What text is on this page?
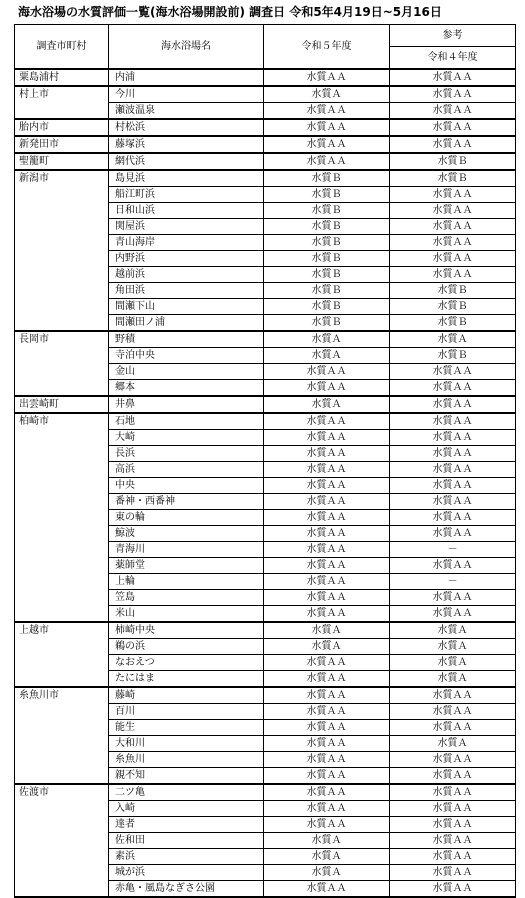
海水浴場の水質評価一覧(海水浴場開設前) 調査日 令和5年4月19日~5月16日
調査市町村	海水浴場名	令和５年度	参考
			令和４年度
粟島浦村	内浦	水質ＡＡ	水質ＡＡ
村上市	今川	水質Ａ	水質ＡＡ
	瀬波温泉	水質ＡＡ	水質ＡＡ
胎内市	村松浜	水質ＡＡ	水質ＡＡ
新発田市	藤塚浜	水質ＡＡ	水質ＡＡ
聖籠町	網代浜	水質ＡＡ	水質Ｂ
新潟市	島見浜	水質Ｂ	水質Ｂ
	船江町浜	水質Ｂ	水質ＡＡ
	日和山浜	水質Ｂ	水質ＡＡ
	関屋浜	水質Ｂ	水質ＡＡ
	青山海岸	水質Ｂ	水質ＡＡ
	内野浜	水質Ｂ	水質ＡＡ
	越前浜	水質Ｂ	水質ＡＡ
	角田浜	水質Ｂ	水質Ｂ
	間瀬下山	水質Ｂ	水質Ｂ
	間瀬田ノ浦	水質Ｂ	水質Ｂ
長岡市	野積	水質Ａ	水質Ａ
	寺泊中央	水質Ａ	水質Ｂ
	金山	水質ＡＡ	水質ＡＡ
	郷本	水質ＡＡ	水質ＡＡ
出雲崎町	井鼻	水質Ａ	水質ＡＡ
柏崎市	石地	水質ＡＡ	水質ＡＡ
	大崎	水質ＡＡ	水質ＡＡ
	長浜	水質ＡＡ	水質ＡＡ
	高浜	水質ＡＡ	水質ＡＡ
	中央	水質ＡＡ	水質ＡＡ
	番神・西番神	水質ＡＡ	水質ＡＡ
	東の輪	水質ＡＡ	水質ＡＡ
	鯨波	水質ＡＡ	水質ＡＡ
	青海川	水質ＡＡ	－
	薬師堂	水質ＡＡ	水質ＡＡ
	上輪	水質ＡＡ	－
	笠島	水質ＡＡ	水質ＡＡ
	米山	水質ＡＡ	水質ＡＡ
上越市	柿崎中央	水質Ａ	水質Ａ
	鵜の浜	水質Ａ	水質Ａ
	なおえつ	水質ＡＡ	水質Ａ
	たにはま	水質ＡＡ	水質Ａ
糸魚川市	藤崎	水質ＡＡ	水質ＡＡ
	百川	水質ＡＡ	水質ＡＡ
	能生	水質ＡＡ	水質ＡＡ
	大和川	水質ＡＡ	水質Ａ
	糸魚川	水質ＡＡ	水質ＡＡ
	親不知	水質ＡＡ	水質ＡＡ
佐渡市	二ツ亀	水質ＡＡ	水質ＡＡ
	入崎	水質ＡＡ	水質ＡＡ
	達者	水質ＡＡ	水質ＡＡ
	佐和田	水質Ａ	水質ＡＡ
	素浜	水質Ａ	水質ＡＡ
	城が浜	水質Ａ	水質ＡＡ
	赤亀・風島なぎさ公園	水質ＡＡ	水質ＡＡ
